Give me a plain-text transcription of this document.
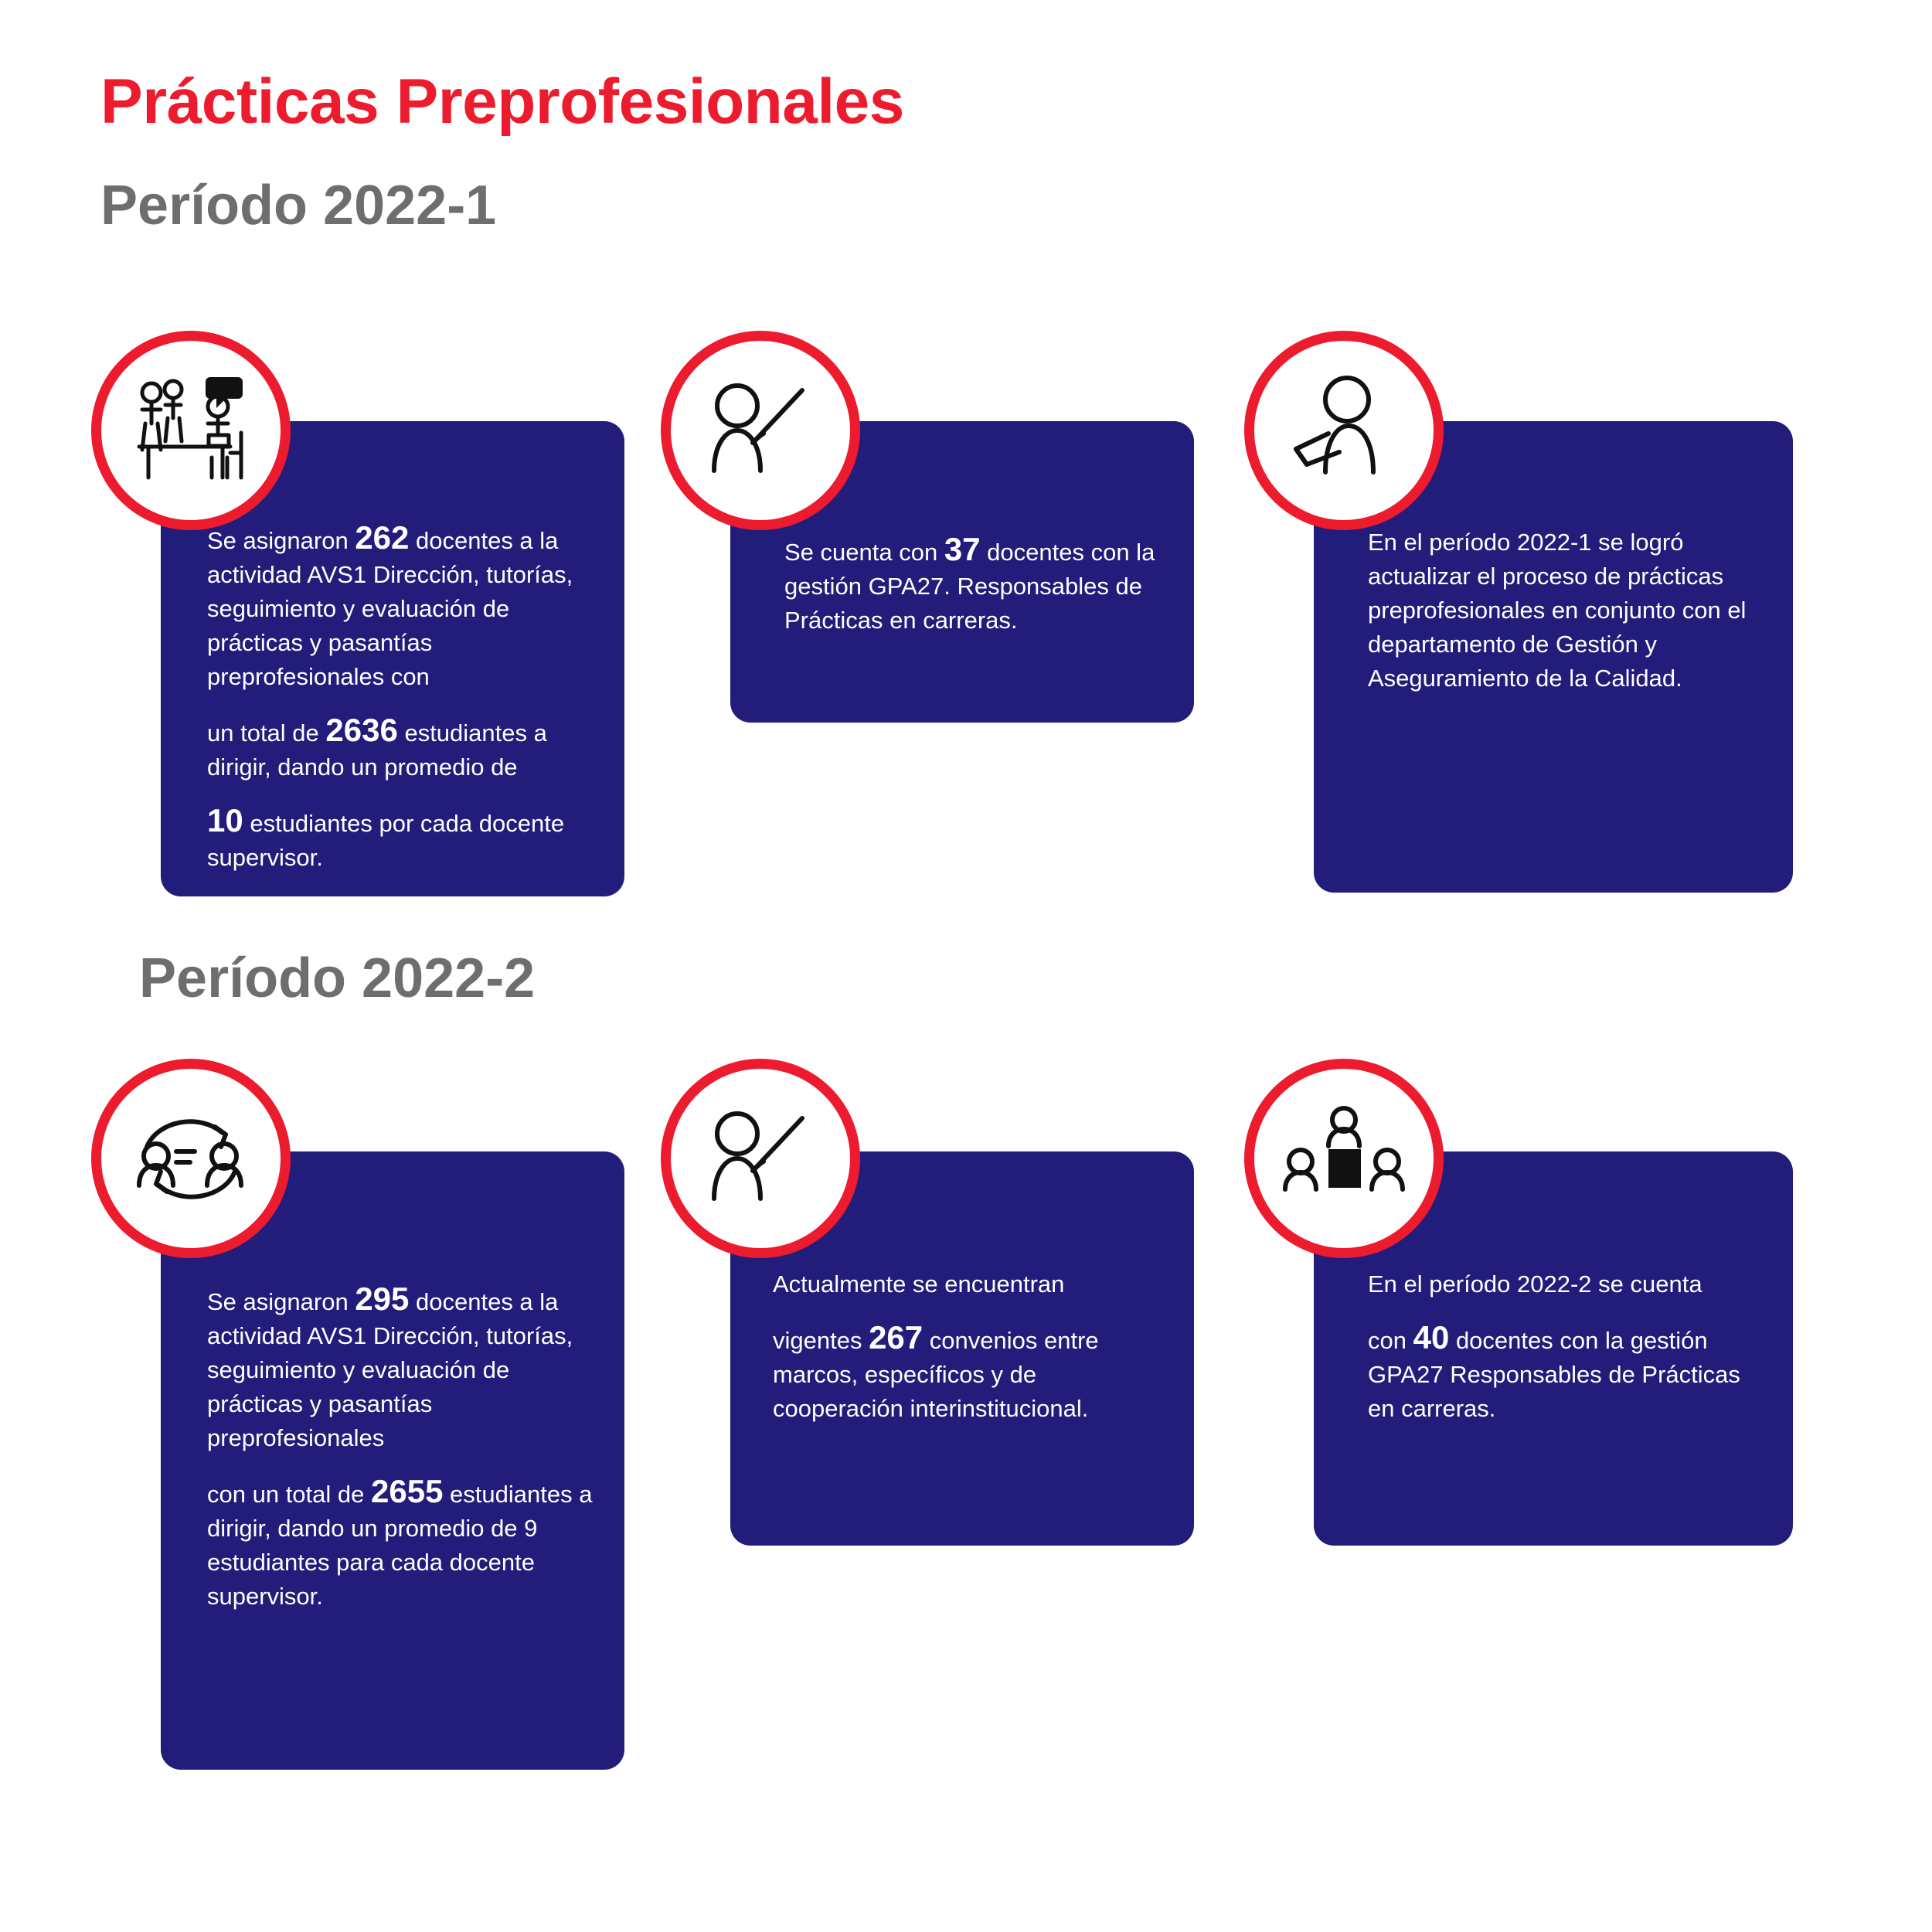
Prácticas Preprofesionales
Período 2022-1
Período 2022-2

Se asignaron 262 docentes a la actividad AVS1 Dirección, tutorías, seguimiento y evaluación de prácticas y pasantías preprofesionales con

un total de 2636 estudiantes a dirigir, dando un promedio de

10 estudiantes por cada docente supervisor.

Se cuenta con 37 docentes con la gestión GPA27. Responsables de Prácticas en carreras.

En el período 2022-1 se logró actualizar el proceso de prácticas preprofesionales en conjunto con el departamento de Gestión y Aseguramiento de la Calidad.

Se asignaron 295 docentes a la actividad AVS1 Dirección, tutorías, seguimiento y evaluación de prácticas y pasantías preprofesionales

con un total de 2655 estudiantes a dirigir, dando un promedio de 9 estudiantes para cada docente supervisor.

Actualmente se encuentran

vigentes 267 convenios entre marcos, específicos y de cooperación interinstitucional.

En el período 2022-2 se cuenta

con 40 docentes con la gestión GPA27 Responsables de Prácticas en carreras.
